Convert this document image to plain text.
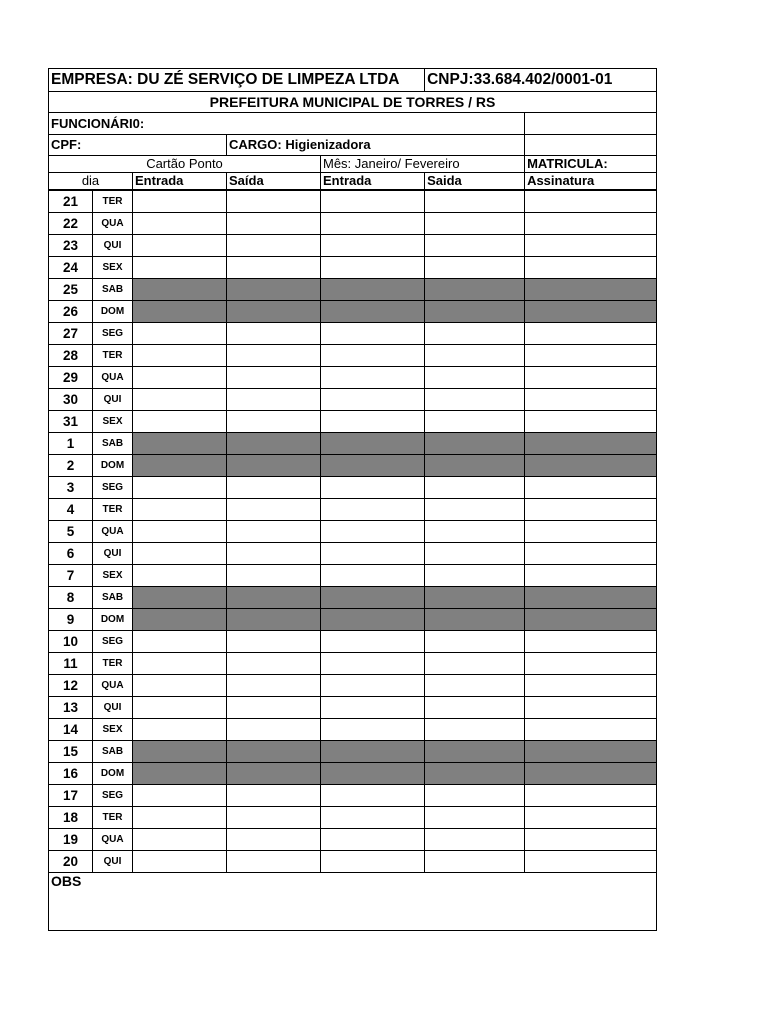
EMPRESA: DU ZÉ SERVIÇO DE LIMPEZA LTDA					CNPJ:33.684.402/0001-01	
PREFEITURA MUNICIPAL DE TORRES / RS						
FUNCIONÁRI0:						
CPF:			CARGO: Higienizadora			
Cartão Ponto				Mês: Janeiro/ Fevereiro		MATRICULA:
dia		Entrada	Saída	Entrada	Saida	Assinatura
21	TER					
22	QUA					
23	QUI					
24	SEX					
25	SAB					
26	DOM					
27	SEG					
28	TER					
29	QUA					
30	QUI					
31	SEX					
1	SAB					
2	DOM					
3	SEG					
4	TER					
5	QUA					
6	QUI					
7	SEX					
8	SAB					
9	DOM					
10	SEG					
11	TER					
12	QUA					
13	QUI					
14	SEX					
15	SAB					
16	DOM					
17	SEG					
18	TER					
19	QUA					
20	QUI					
OBS						
